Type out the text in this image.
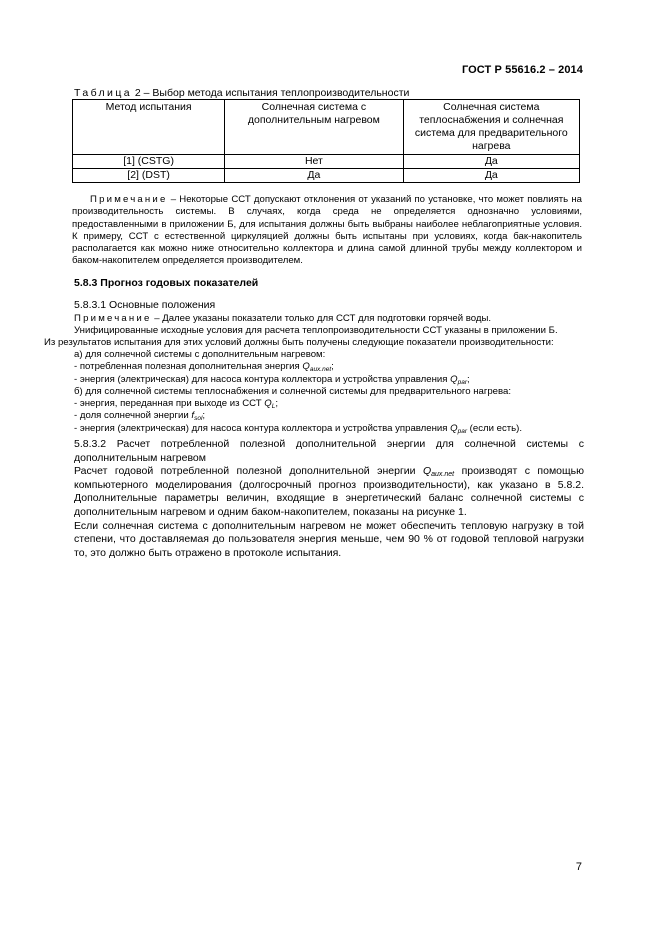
ГОСТ Р 55616.2 – 2014
Таблица 2 – Выбор метода испытания теплопроизводительности
Метод испытания	Солнечная система с дополнительным нагревом	Солнечная система теплоснабжения и солнечная система для предварительного нагрева
[1] (CSTG)	Нет	Да
[2] (DST)	Да	Да
Примечание – Некоторые ССТ допускают отклонения от указаний по установке, что может повлиять на производительность системы. В случаях, когда среда не определяется однозначно условиями, предоставленными в приложении Б, для испытания должны быть выбраны наиболее неблагоприятные условия. К примеру, ССТ с естественной циркуляцией должны быть испытаны при условиях, когда бак-накопитель располагается как можно ниже относительно коллектора и длина самой длинной трубы между коллектором и баком-накопителем определяется производителем.
5.8.3 Прогноз годовых показателей
5.8.3.1 Основные положения
Примечание – Далее указаны показатели только для ССТ для подготовки горячей воды.

Унифицированные исходные условия для расчета теплопроизводительности ССТ указаны в приложении Б.

Из результатов испытания для этих условий должны быть получены следующие показатели производительности:

а) для солнечной системы с дополнительным нагревом:
- потребленная полезная дополнительная энергия $Q_{aux.net}$;
- энергия (электрическая) для насоса контура коллектора и устройства управления $Q_{par}$;
б) для солнечной системы теплоснабжения и солнечной системы для предварительного нагрева:
- энергия, переданная при выходе из ССТ $Q_L$;
- доля солнечной энергии $f_{sol}$;
- энергия (электрическая) для насоса контура коллектора и устройства управления $Q_{par}$ (если есть).

5.8.3.2 Расчет потребленной полезной дополнительной энергии для солнечной системы с дополнительным нагревом

Расчет годовой потребленной полезной дополнительной энергии $Q_{aux.net}$ производят с помощью компьютерного моделирования (долгосрочный прогноз производительности), как указано в 5.8.2. Дополнительные параметры величин, входящие в энергетический баланс солнечной системы с дополнительным нагревом и одним баком-накопителем, показаны на рисунке 1.

Если солнечная система с дополнительным нагревом не может обеспечить тепловую нагрузку в той степени, что доставляемая до пользователя энергия меньше, чем 90 % от годовой тепловой нагрузки то, это должно быть отражено в протоколе испытания.

7
